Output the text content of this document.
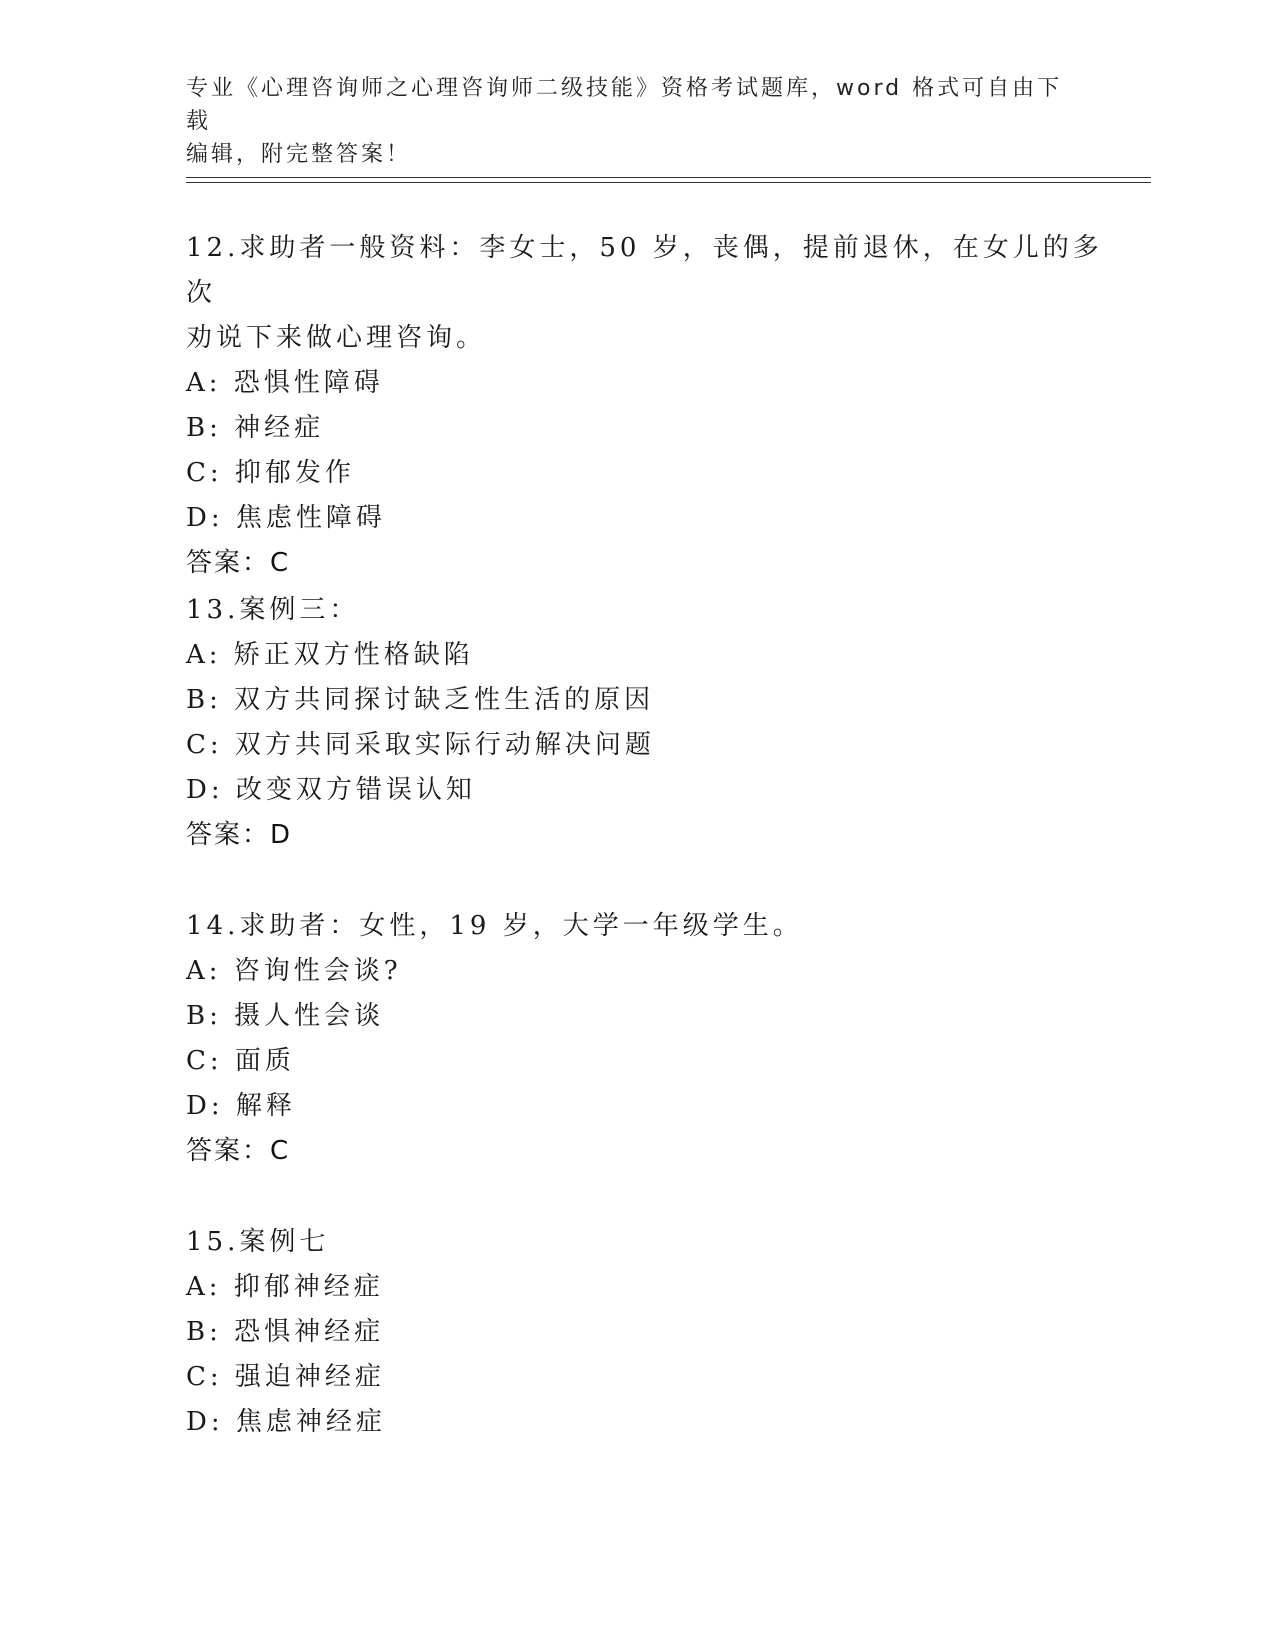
专业《心理咨询师之心理咨询师二级技能》资格考试题库，word 格式可自由下载

编辑，附完整答案！

12.求助者一般资料：李女士，50 岁，丧偶，提前退休，在女儿的多次

劝说下来做心理咨询。

A: 恐惧性障碍

B: 神经症

C: 抑郁发作

D: 焦虑性障碍

答案：C

13.案例三：

A: 矫正双方性格缺陷

B: 双方共同探讨缺乏性生活的原因

C: 双方共同采取实际行动解决问题

D: 改变双方错误认知

答案：D

14.求助者：女性，19 岁，大学一年级学生。

A: 咨询性会谈?

B: 摄人性会谈

C: 面质

D: 解释

答案：C

15.案例七

A: 抑郁神经症

B: 恐惧神经症

C: 强迫神经症

D: 焦虑神经症
